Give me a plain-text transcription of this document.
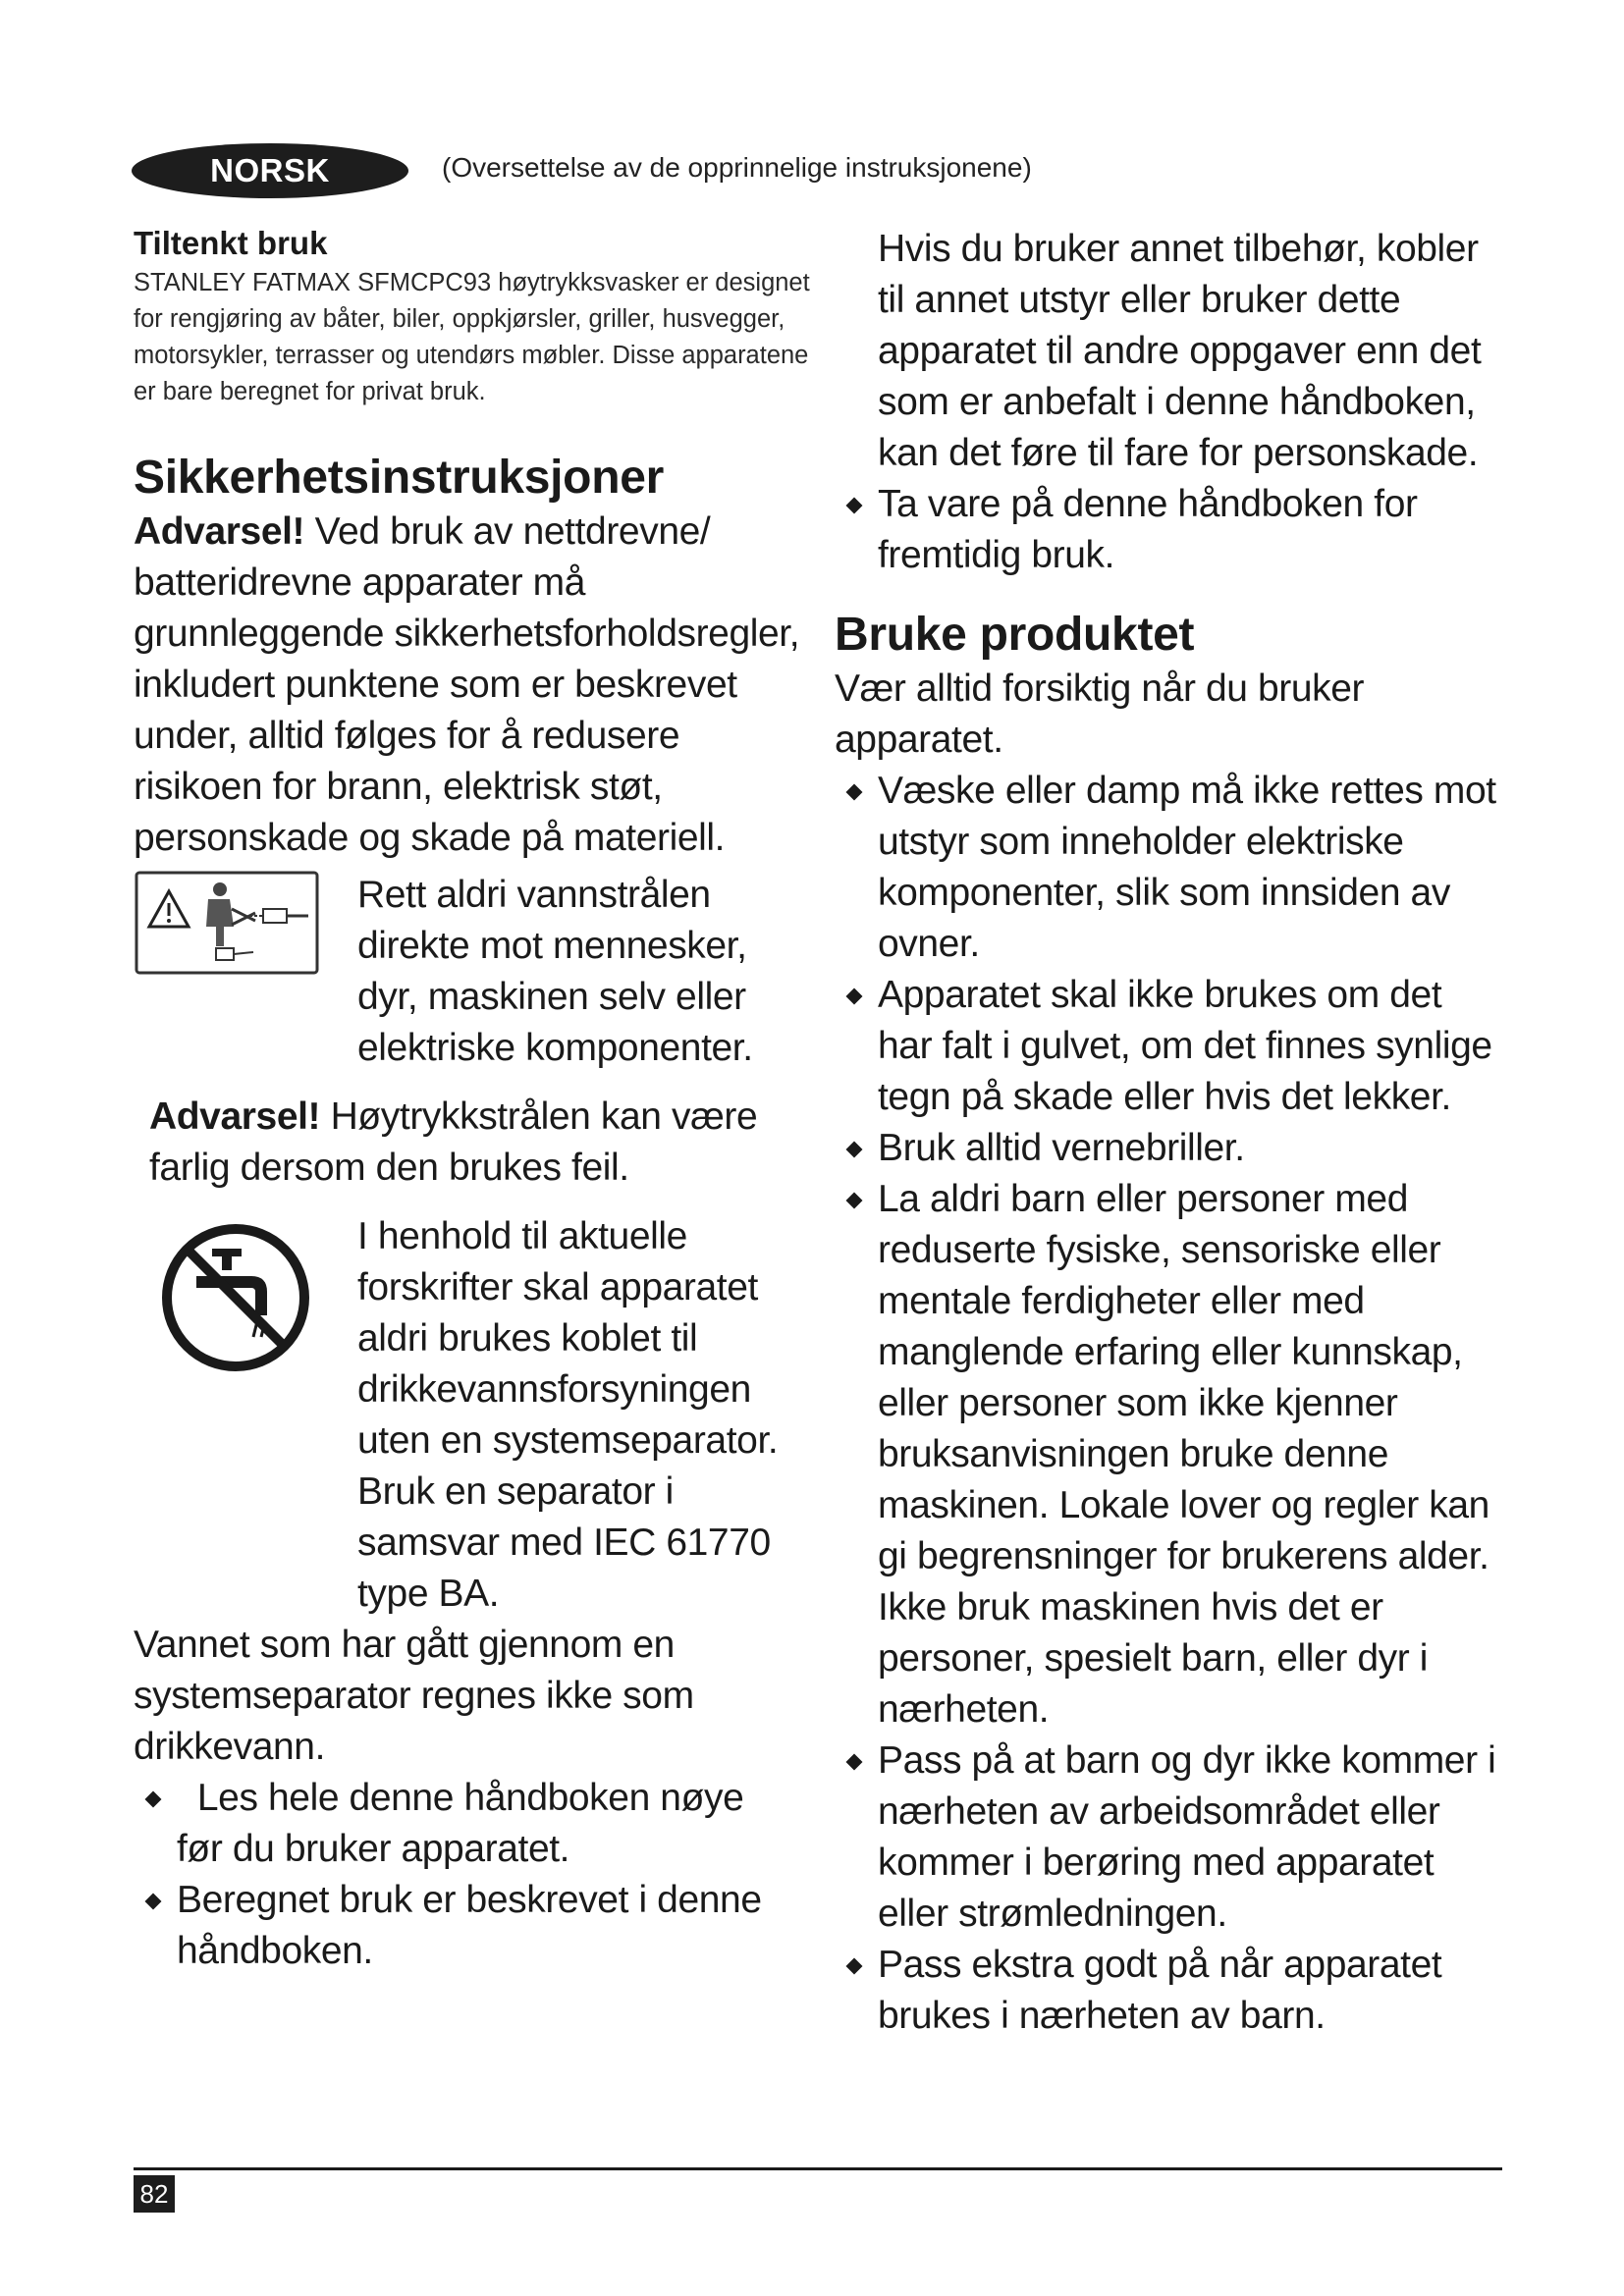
NORSK	(Oversettelse av de opprinnelige instruksjonene)

Tiltenkt bruk

STANLEY FATMAX SFMCPC93 høytrykksvasker er designet for rengjøring av båter, biler, oppkjørsler, griller, husvegger, motorsykler, terrasser og utendørs møbler. Disse apparatene er bare beregnet for privat bruk.

Sikkerhetsinstruksjoner

Advarsel! Ved bruk av nettdrevne/ batteridrevne apparater må grunnleggende sikkerhetsforholdsregler, inkludert punktene som er beskrevet under, alltid følges for å redusere risikoen for brann, elektrisk støt, personskade og skade på materiell.

Rett aldri vannstrålen direkte mot mennesker, dyr, maskinen selv eller elektriske komponenter.

Advarsel! Høytrykkstrålen kan være farlig dersom den brukes feil.

I henhold til aktuelle forskrifter skal apparatet aldri brukes koblet til drikkevannsforsyningen uten en systemseparator. Bruk en separator i samsvar med IEC 61770 type BA.

Vannet som har gått gjennom en systemseparator regnes ikke som drikkevann.

Les hele denne håndboken nøye før du bruker apparatet.
Beregnet bruk er beskrevet i denne håndboken.

Hvis du bruker annet tilbehør, kobler til annet utstyr eller bruker dette apparatet til andre oppgaver enn det som er anbefalt i denne håndboken, kan det føre til fare for personskade.

Ta vare på denne håndboken for fremtidig bruk.
Bruke produktet

Vær alltid forsiktig når du bruker apparatet.

Væske eller damp må ikke rettes mot utstyr som inneholder elektriske komponenter, slik som innsiden av ovner.
Apparatet skal ikke brukes om det har falt i gulvet, om det finnes synlige tegn på skade eller hvis det lekker.
Bruk alltid vernebriller.
La aldri barn eller personer med reduserte fysiske, sensoriske eller mentale ferdigheter eller med manglende erfaring eller kunnskap, eller personer som ikke kjenner bruksanvisningen bruke denne maskinen. Lokale lover og regler kan gi begrensninger for brukerens alder. Ikke bruk maskinen hvis det er personer, spesielt barn, eller dyr i nærheten.
Pass på at barn og dyr ikke kommer i nærheten av arbeidsområdet eller kommer i berøring med apparatet eller strømledningen.
Pass ekstra godt på når apparatet brukes i nærheten av barn.
82
